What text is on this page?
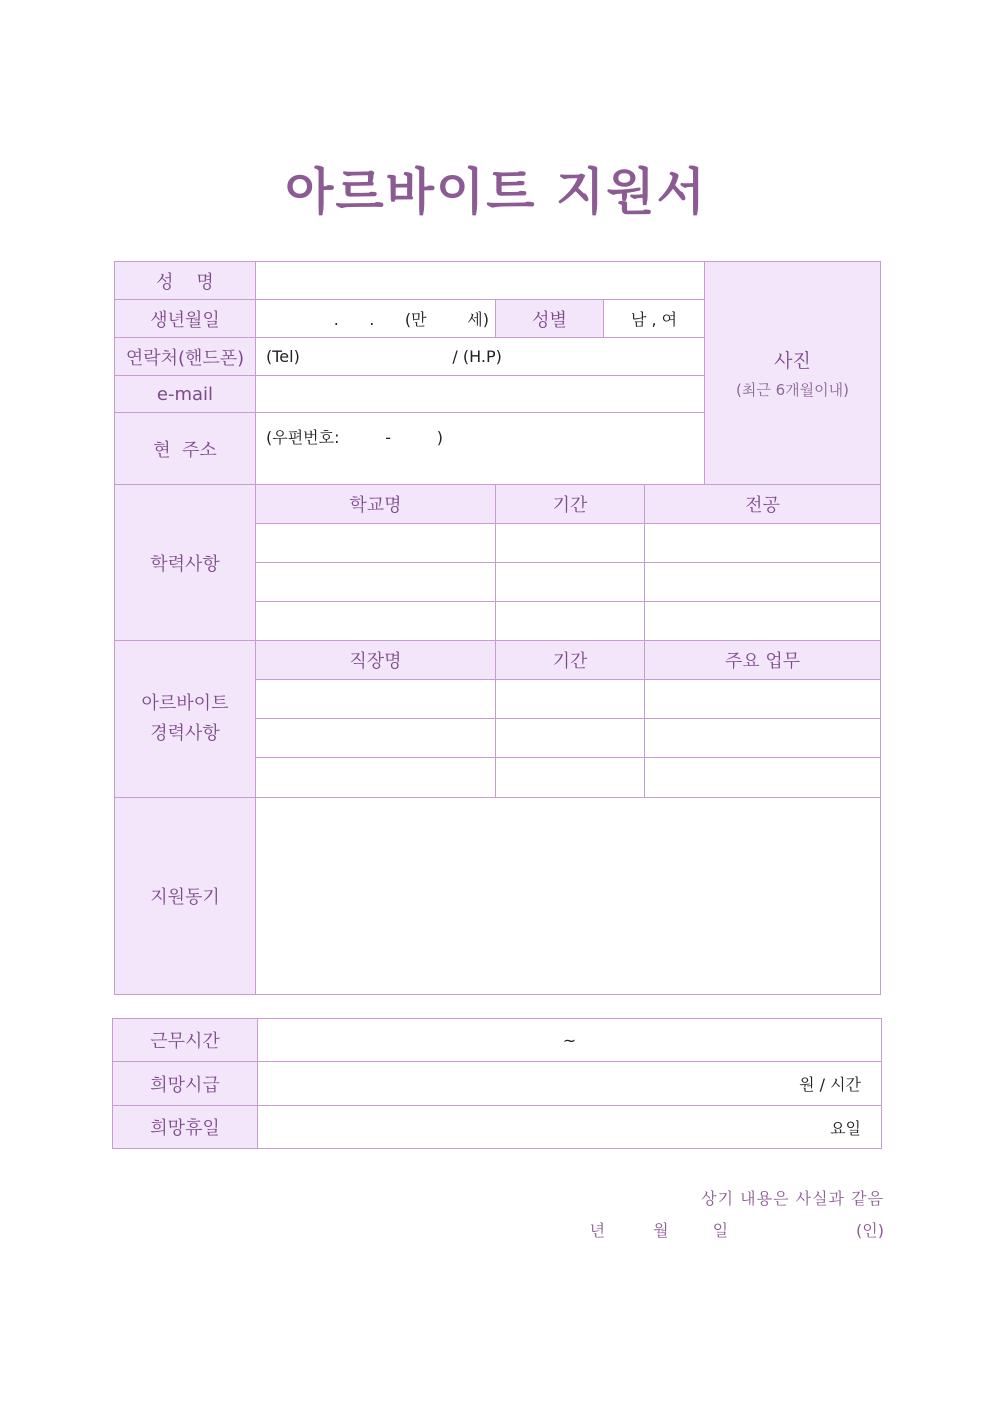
아르바이트 지원서
성    명					사진
(최근 6개월이내)

생년월일	.      .      (만        세)	성별	남 , 여		
연락처(핸드폰)	(Tel)                              / (H.P)				
e-mail					
현  주소	(우편번호:         -         )				
학력사항	학교명	기간		전공	

아르바이트
경력사항	직장명	기간		주요 업무	

지원동기					
근무시간	~
희망시급	원 / 시간
희망휴일	요일
상기 내용은 사실과 같음
년	월	일	(인)
